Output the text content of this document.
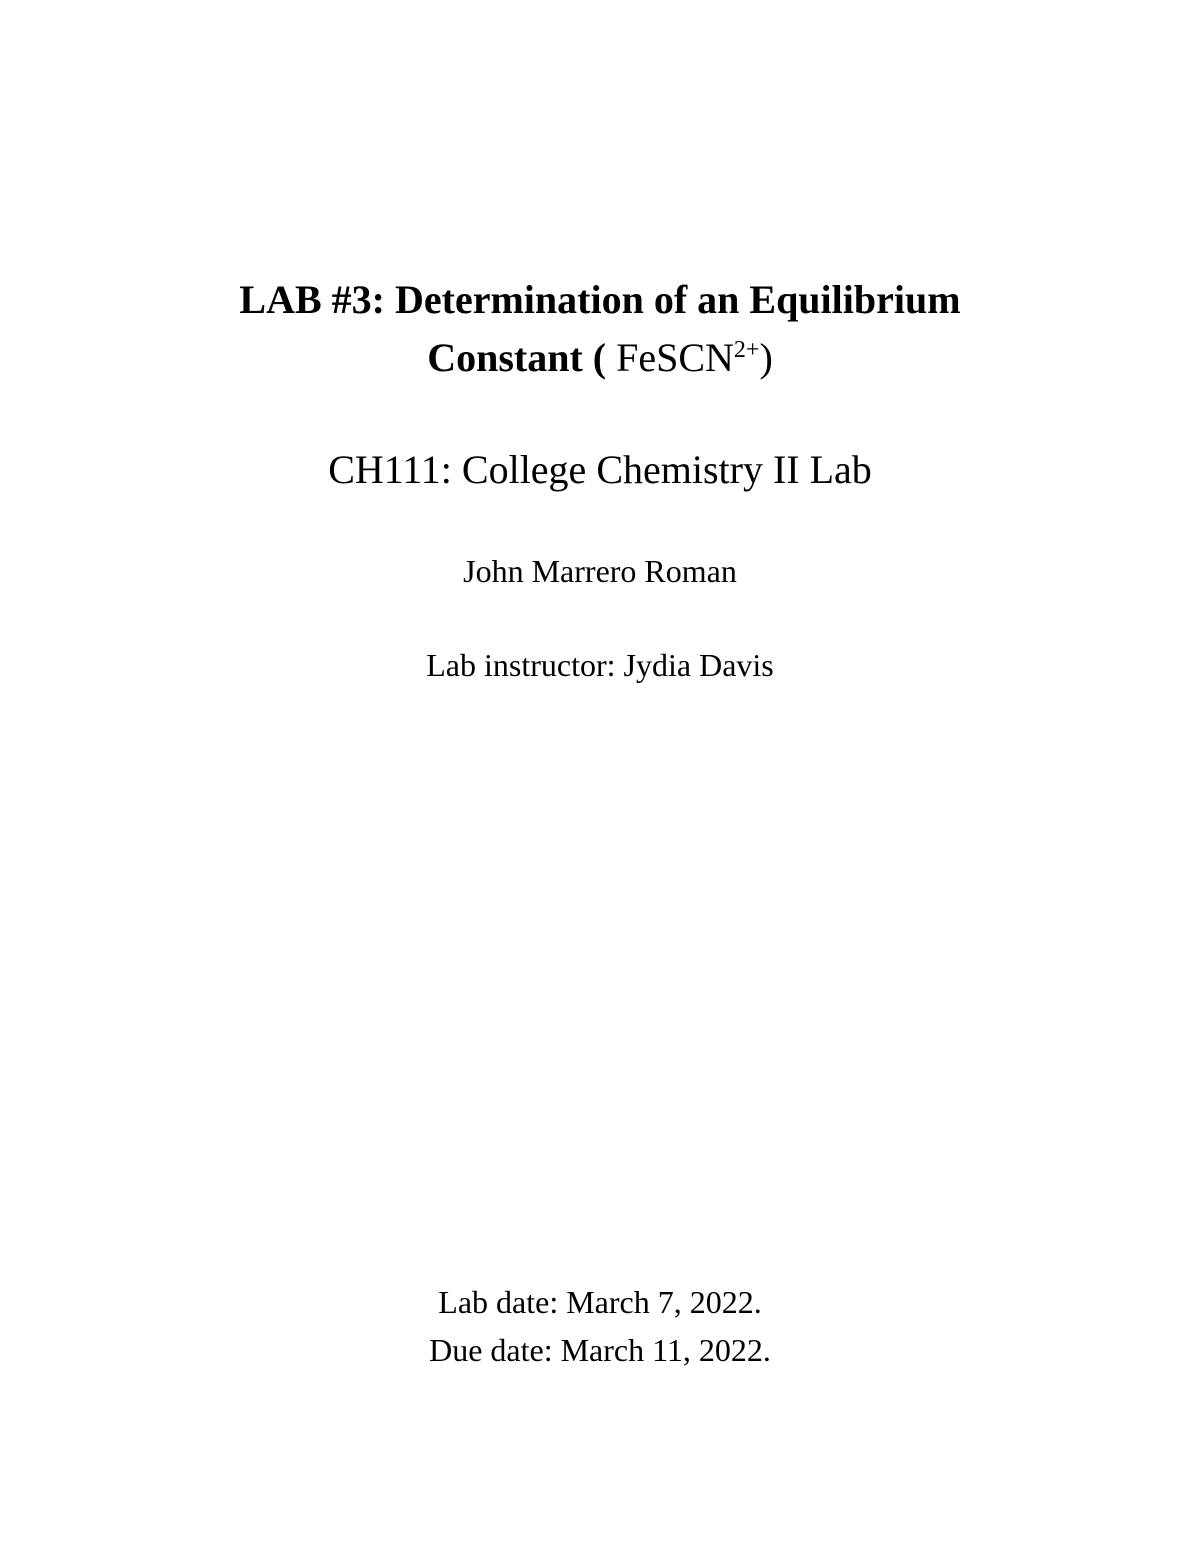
LAB #3: Determination of an Equilibrium
Constant ( FeSCN$^{2+}$)
CH111: College Chemistry II Lab
John Marrero Roman
Lab instructor: Jydia Davis
Lab date: March 7, 2022.
Due date: March 11, 2022.
